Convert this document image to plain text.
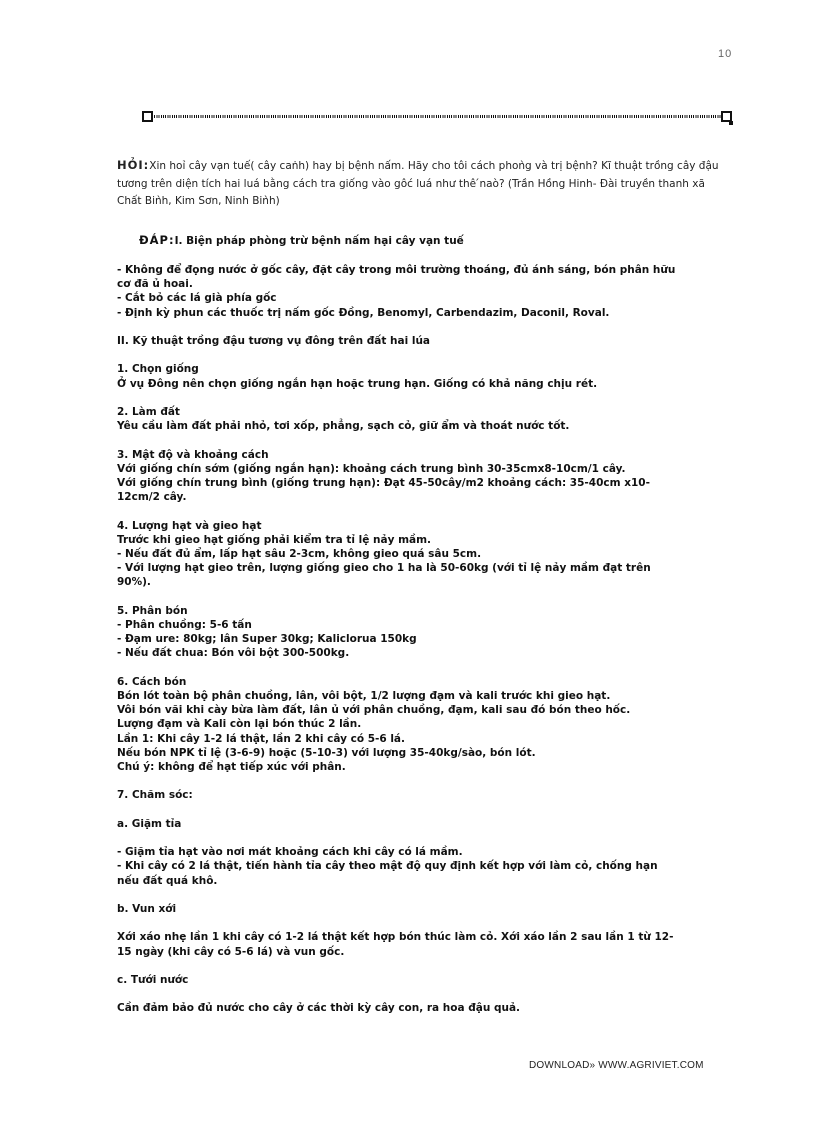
10
HỎI:Xin hoỉ cây vạn tuế( cây caṅh) hay bị bệnh nấm. Hãy cho tôi cách phoǹg và trị bệnh? Kĩ thuật trồng cây đậu tương trên diện tích hai luá bằng cách tra giống vào gôć luá như thê ́naò? (Trần Hồng Hinh- Đài truyền thanh xã Chất Biǹh, Kim Sơn, Ninh Biǹh)
ĐÁP:I. Biện pháp phòng trừ bệnh nấm hại cây vạn tuế

- Không để đọng nước ở gốc cây, đặt cây trong môi trường thoáng, đủ ánh sáng, bón phân hữu

cơ đã ủ hoai.

- Cắt bỏ các lá già phía gốc

- Định kỳ phun các thuốc trị nấm gốc Đồng, Benomyl, Carbendazim, Daconil, Roval.

II. Kỹ thuật trồng đậu tương vụ đông trên đất hai lúa

1. Chọn giống

Ở vụ Đông nên chọn giống ngắn hạn hoặc trung hạn. Giống có khả năng chịu rét.

2. Làm đất

Yêu cầu làm đất phải nhỏ, tơi xốp, phẳng, sạch cỏ, giữ ẩm và thoát nước tốt.

3. Mật độ và khoảng cách

Với giống chín sớm (giống ngắn hạn): khoảng cách trung bình 30-35cmx8-10cm/1 cây.

Với giống chín trung bình (giống trung hạn): Đạt 45-50cây/m2 khoảng cách: 35-40cm x10-

12cm/2 cây.

4. Lượng hạt và gieo hạt

Trước khi gieo hạt giống phải kiểm tra tỉ lệ nảy mầm.

- Nếu đất đủ ẩm, lấp hạt sâu 2-3cm, không gieo quá sâu 5cm.

- Với lượng hạt gieo trên, lượng giống gieo cho 1 ha là 50-60kg (với tỉ lệ nảy mầm đạt trên

90%).

5. Phân bón

- Phân chuồng: 5-6 tấn

- Đạm ure: 80kg; lân Super 30kg; Kaliclorua 150kg

- Nếu đất chua: Bón vôi bột 300-500kg.

6. Cách bón

Bón lót toàn bộ phân chuồng, lân, vôi bột, 1/2 lượng đạm và kali trước khi gieo hạt.

Vôi bón vãi khi cày bừa làm đất, lân ủ với phân chuồng, đạm, kali sau đó bón theo hốc.

Lượng đạm và Kali còn lại bón thúc 2 lần.

Lần 1: Khi cây 1-2 lá thật, lần 2 khi cây có 5-6 lá.

Nếu bón NPK tỉ lệ (3-6-9) hoặc (5-10-3) với lượng 35-40kg/sào, bón lót.

Chú ý: không để hạt tiếp xúc với phân.

7. Chăm sóc:

a. Giặm tỉa

- Giặm tỉa hạt vào nơi mát khoảng cách khi cây có lá mầm.

- Khi cây có 2 lá thật, tiến hành tỉa cây theo mật độ quy định kết hợp với làm cỏ, chống hạn

nếu đất quá khô.

b. Vun xới

Xới xáo nhẹ lần 1 khi cây có 1-2 lá thật kết hợp bón thúc làm cỏ. Xới xáo lần 2 sau lần 1 từ 12-

15 ngày (khi cây có 5-6 lá) và vun gốc.

c. Tưới nước

Cần đảm bảo đủ nước cho cây ở các thời kỳ cây con, ra hoa đậu quả.

DOWNLOAD» WWW.AGRIVIET.COM
